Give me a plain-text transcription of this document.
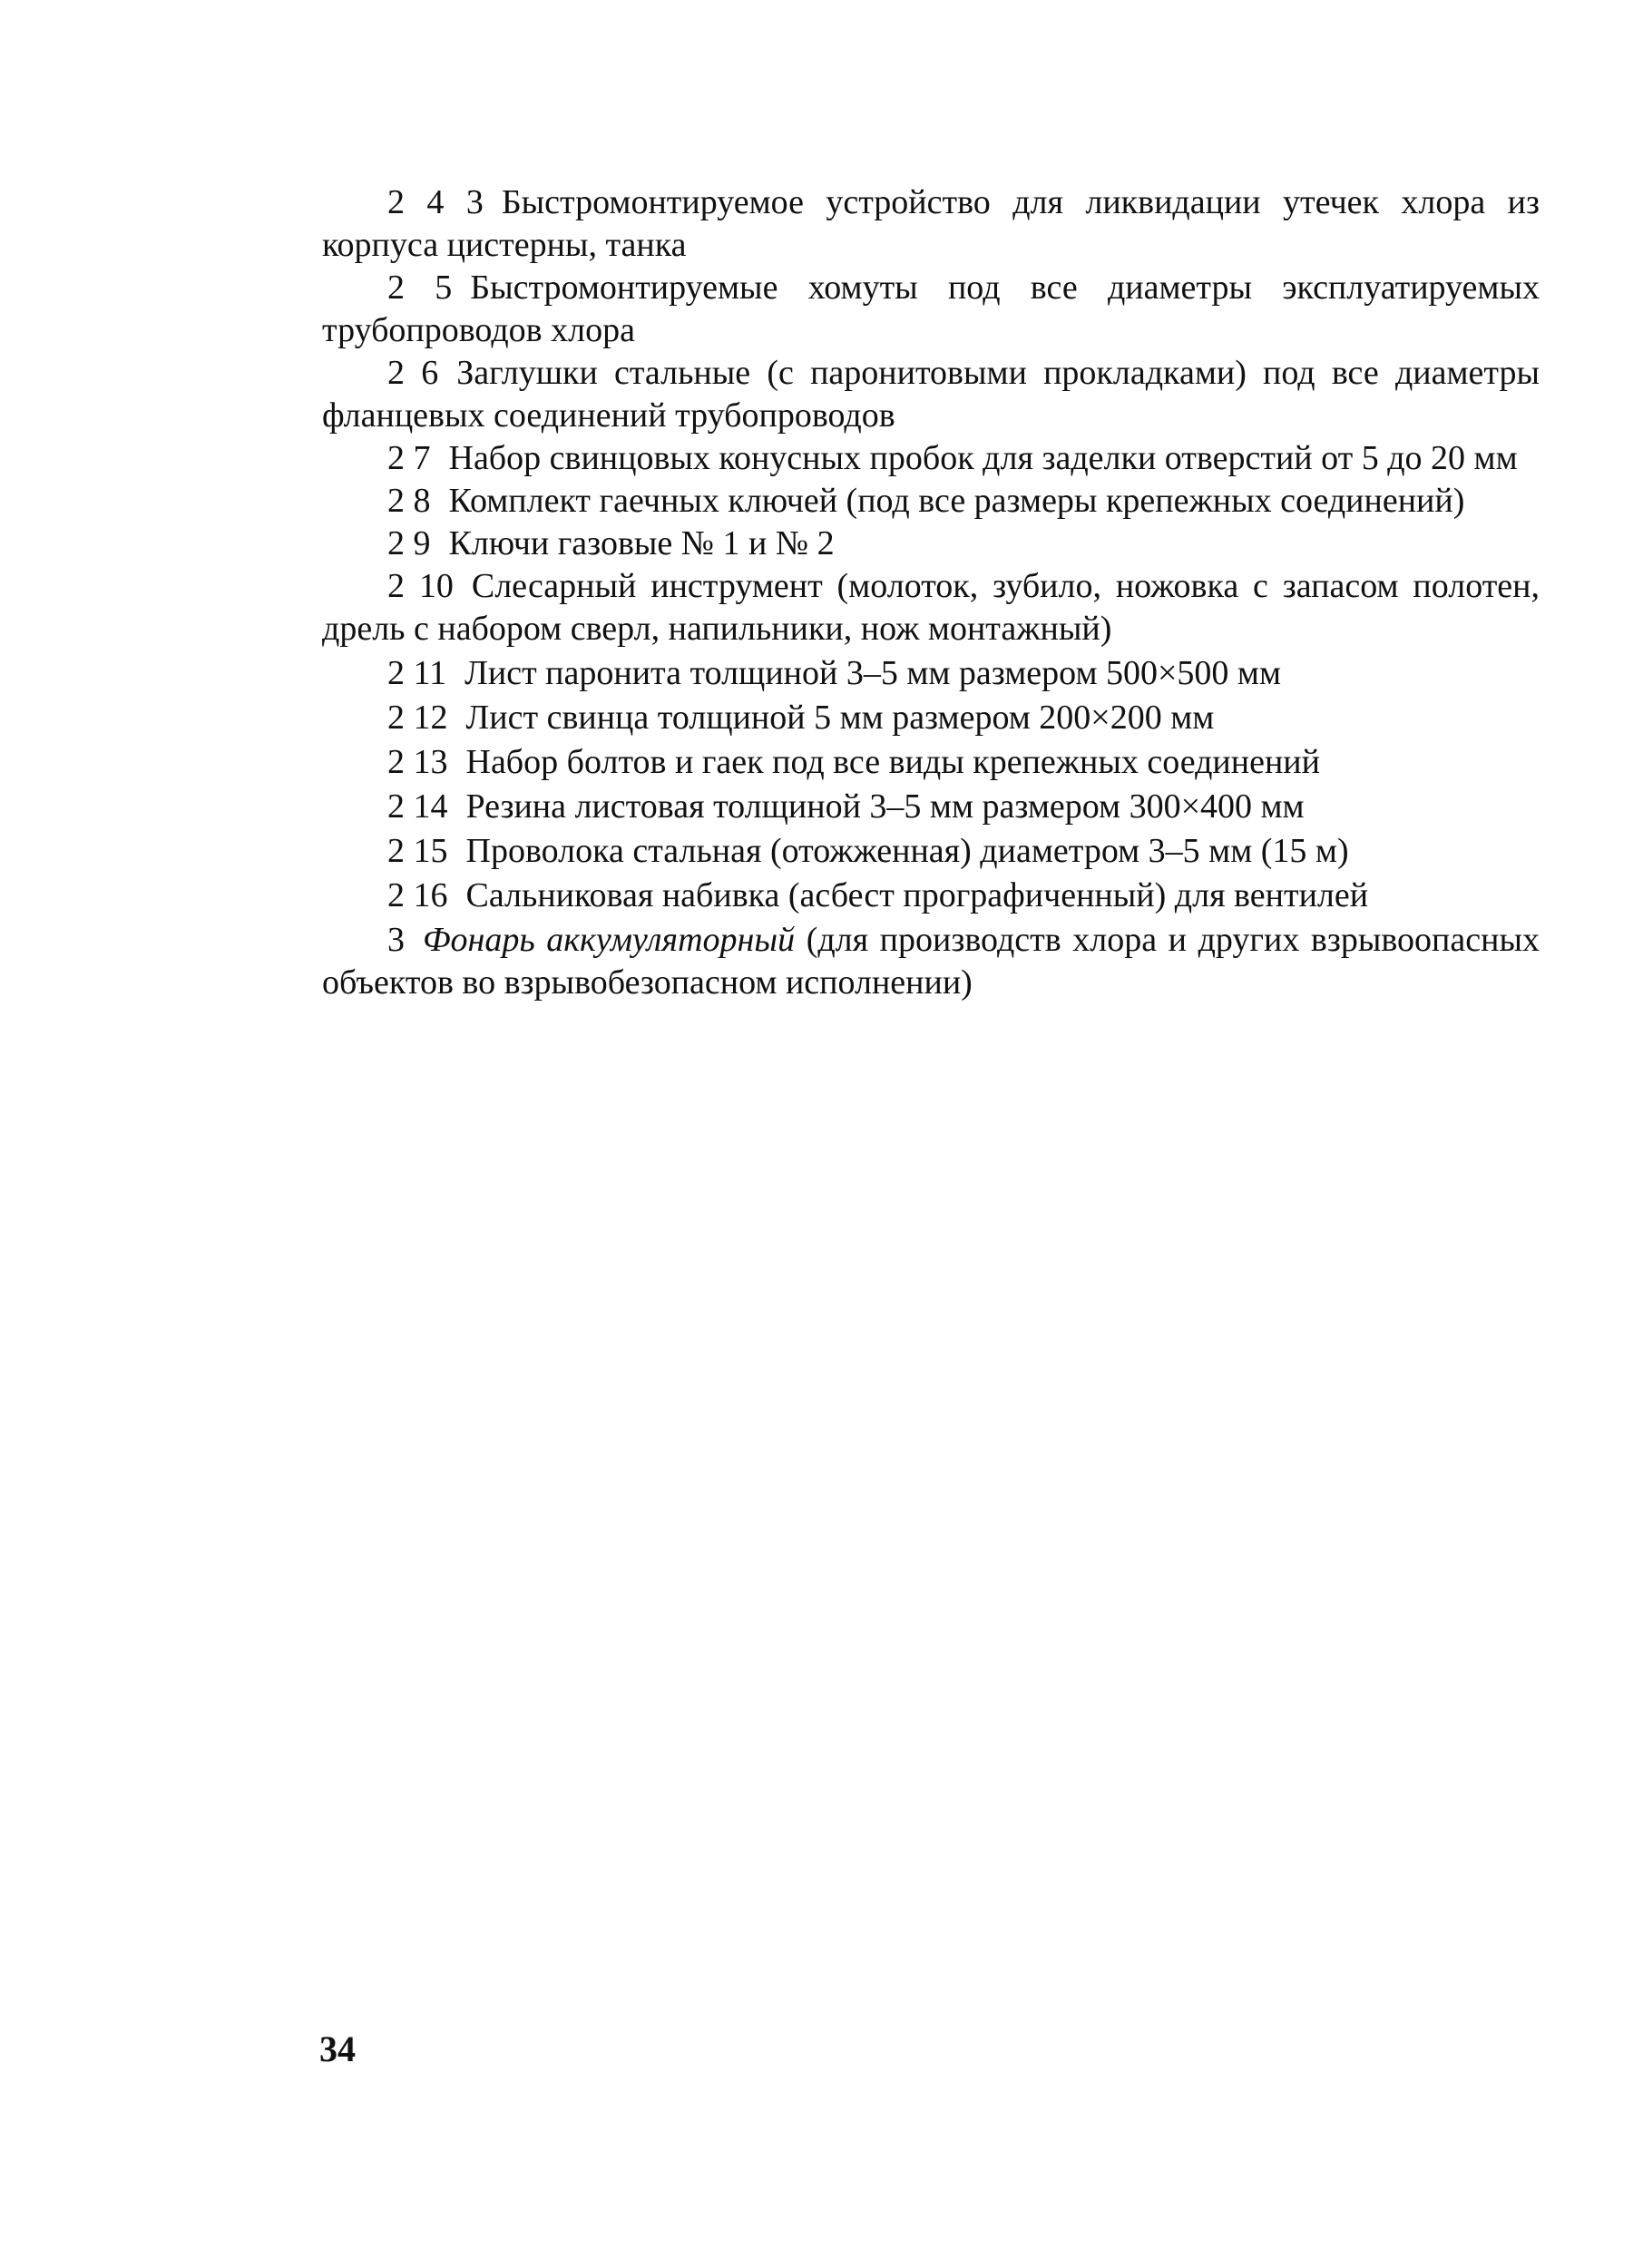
2 4 3 Быстромонтируемое устройство для ликвидации утечек хлора из корпуса цистерны, танка

2 5 Быстромонтируемые хомуты под все диаметры эксплуатируемых трубопроводов хлора

2 6 Заглушки стальные (с паронитовыми прокладками) под все диаметры фланцевых соединений трубопроводов

2 7 Набор свинцовых конусных пробок для заделки отверстий от 5 до 20 мм

2 8 Комплект гаечных ключей (под все размеры крепежных соединений)

2 9 Ключи газовые № 1 и № 2

2 10 Слесарный инструмент (молоток, зубило, ножовка с запасом полотен, дрель с набором сверл, напильники, нож монтажный)

2 11 Лист паронита толщиной 3–5 мм размером 500×500 мм

2 12 Лист свинца толщиной 5 мм размером 200×200 мм

2 13 Набор болтов и гаек под все виды крепежных соединений

2 14 Резина листовая толщиной 3–5 мм размером 300×400 мм

2 15 Проволока стальная (отожженная) диаметром 3–5 мм (15 м)

2 16 Сальниковая набивка (асбест прографиченный) для вентилей

3 Фонарь аккумуляторный (для производств хлора и других взрывоопасных объектов во взрывобезопасном исполнении)

34
